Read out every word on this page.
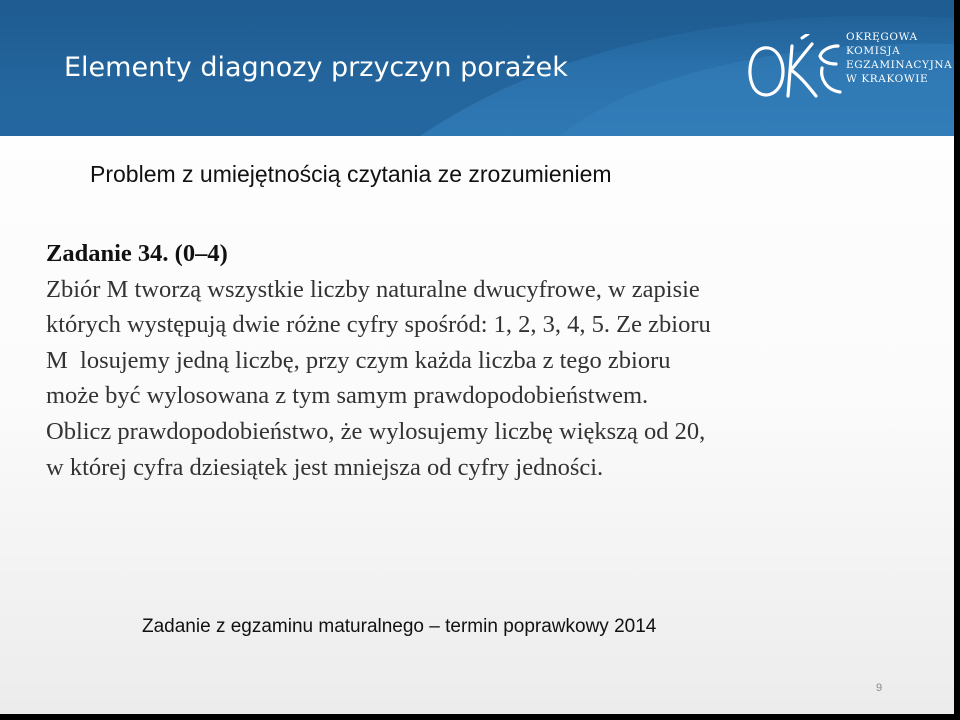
Elementy diagnozy przyczyn porażek
OKRĘGOWA
KOMISJA
EGZAMINACYJNA
W KRAKOWIE
Problem z umiejętnością czytania ze zrozumieniem
Zadanie 34. (0–4)
Zbiór M tworzą wszystkie liczby naturalne dwucyfrowe, w zapisie
których występują dwie różne cyfry spośród: 1, 2, 3, 4, 5. Ze zbioru
M  losujemy jedną liczbę, przy czym każda liczba z tego zbioru
może być wylosowana z tym samym prawdopodobieństwem.
Oblicz prawdopodobieństwo, że wylosujemy liczbę większą od 20,
w której cyfra dziesiątek jest mniejsza od cyfry jedności.
Zadanie z egzaminu maturalnego – termin poprawkowy 2014
9
